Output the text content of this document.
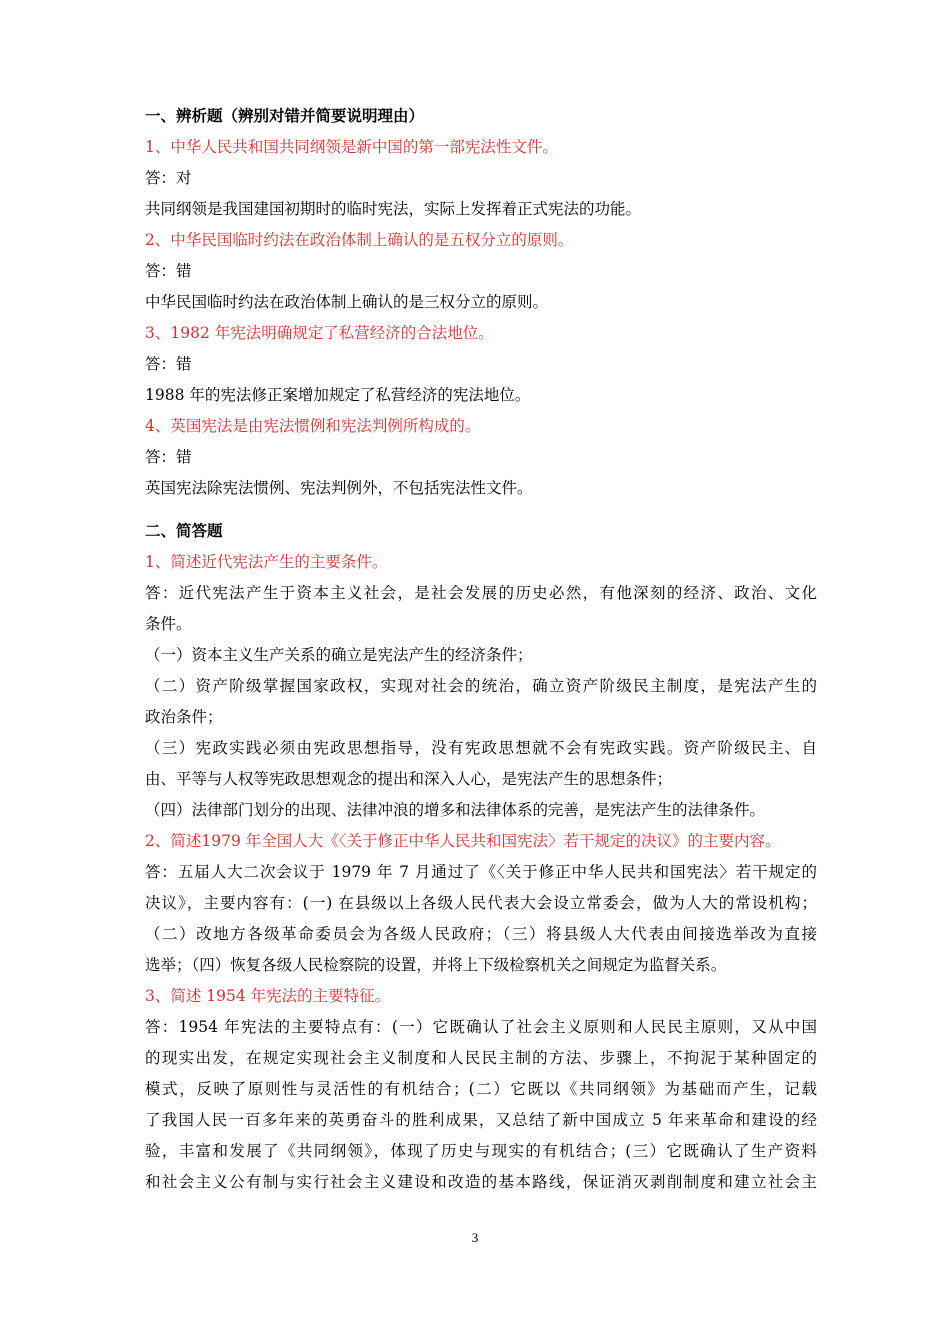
一、辨析题（辨别对错并简要说明理由）
1、中华人民共和国共同纲领是新中国的第一部宪法性文件。
答：对
共同纲领是我国建国初期时的临时宪法，实际上发挥着正式宪法的功能。
2、中华民国临时约法在政治体制上确认的是五权分立的原则。
答：错
中华民国临时约法在政治体制上确认的是三权分立的原则。
3、1982 年宪法明确规定了私营经济的合法地位。
答：错
1988 年的宪法修正案增加规定了私营经济的宪法地位。
4、英国宪法是由宪法惯例和宪法判例所构成的。
答：错
英国宪法除宪法惯例、宪法判例外，不包括宪法性文件。
二、简答题
1、简述近代宪法产生的主要条件。
答：近代宪法产生于资本主义社会，是社会发展的历史必然，有他深刻的经济、政治、文化
条件。
（一）资本主义生产关系的确立是宪法产生的经济条件；
（二）资产阶级掌握国家政权，实现对社会的统治，确立资产阶级民主制度，是宪法产生的
政治条件；
（三）宪政实践必须由宪政思想指导，没有宪政思想就不会有宪政实践。资产阶级民主、自
由、平等与人权等宪政思想观念的提出和深入人心，是宪法产生的思想条件；
（四）法律部门划分的出现、法律冲浪的增多和法律体系的完善，是宪法产生的法律条件。
2、简述1979 年全国人大《〈关于修正中华人民共和国宪法〉若干规定的决议》的主要内容。
答：五届人大二次会议于 1979 年 7 月通过了《〈关于修正中华人民共和国宪法〉若干规定的
决议》，主要内容有：(一) 在县级以上各级人民代表大会设立常委会，做为人大的常设机构；
（二）改地方各级革命委员会为各级人民政府；（三）将县级人大代表由间接选举改为直接
选举；（四）恢复各级人民检察院的设置，并将上下级检察机关之间规定为监督关系。
3、简述 1954 年宪法的主要特征。
答：1954 年宪法的主要特点有：(一）它既确认了社会主义原则和人民民主原则，又从中国
的现实出发，在规定实现社会主义制度和人民民主制的方法、步骤上，不拘泥于某种固定的
模式，反映了原则性与灵活性的有机结合；(二）它既以《共同纲领》为基础而产生，记载
了我国人民一百多年来的英勇奋斗的胜利成果，又总结了新中国成立 5 年来革命和建设的经
验，丰富和发展了《共同纲领》，体现了历史与现实的有机结合；(三）它既确认了生产资料
和社会主义公有制与实行社会主义建设和改造的基本路线，保证消灭剥削制度和建立社会主
3
